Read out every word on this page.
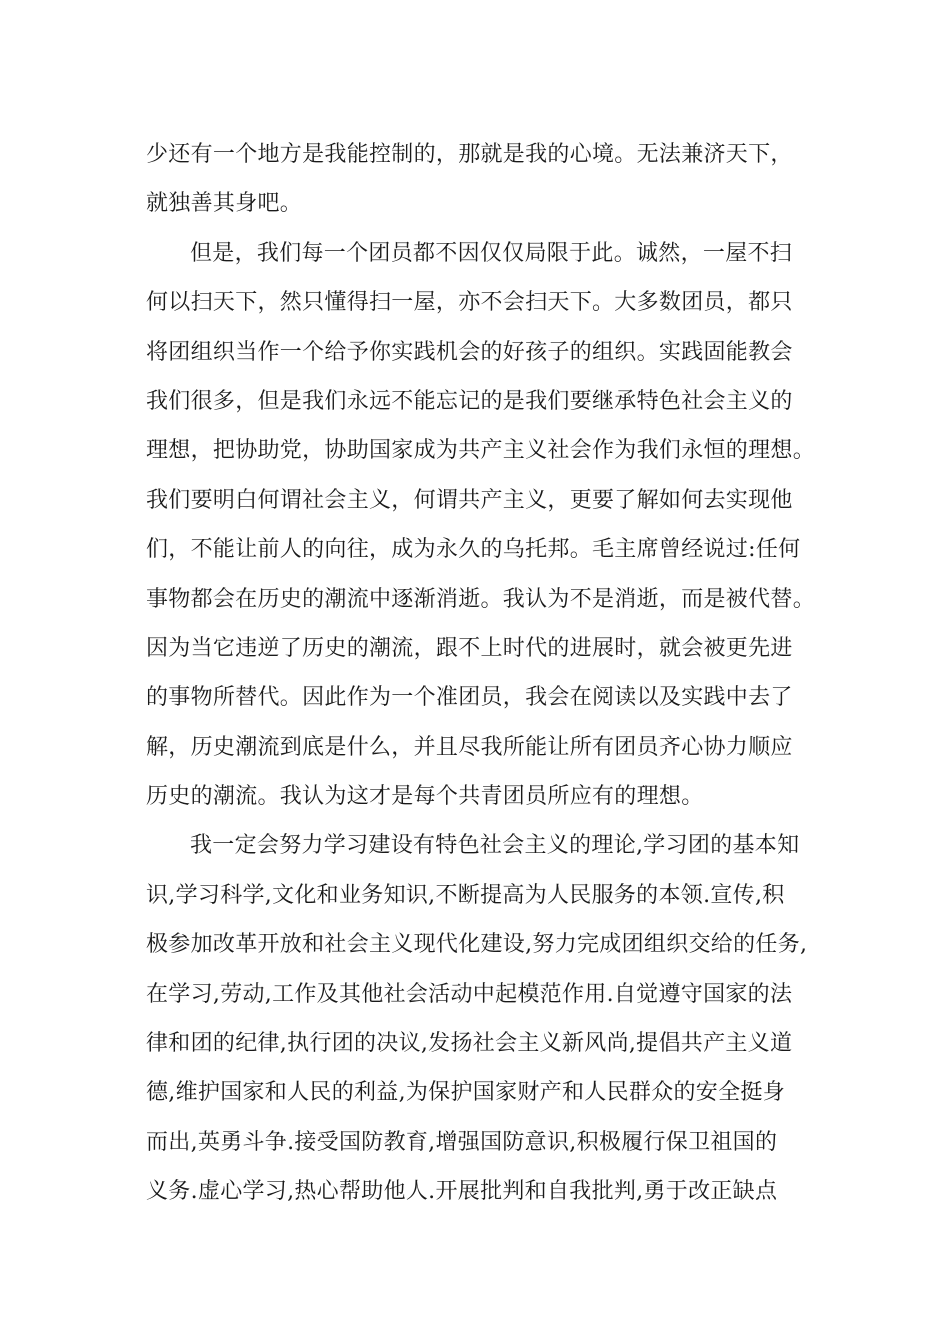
少还有一个地方是我能控制的，那就是我的心境。无法兼济天下，
就独善其身吧。
但是，我们每一个团员都不因仅仅局限于此。诚然，一屋不扫
何以扫天下，然只懂得扫一屋，亦不会扫天下。大多数团员，都只
将团组织当作一个给予你实践机会的好孩子的组织。实践固能教会
我们很多，但是我们永远不能忘记的是我们要继承特色社会主义的
理想，把协助党，协助国家成为共产主义社会作为我们永恒的理想。
我们要明白何谓社会主义，何谓共产主义，更要了解如何去实现他
们，不能让前人的向往，成为永久的乌托邦。毛主席曾经说过:任何
事物都会在历史的潮流中逐渐消逝。我认为不是消逝，而是被代替。
因为当它违逆了历史的潮流，跟不上时代的进展时，就会被更先进
的事物所替代。因此作为一个准团员，我会在阅读以及实践中去了
解，历史潮流到底是什么，并且尽我所能让所有团员齐心协力顺应
历史的潮流。我认为这才是每个共青团员所应有的理想。
我一定会努力学习建设有特色社会主义的理论,学习团的基本知
识,学习科学,文化和业务知识,不断提高为人民服务的本领.宣传,积
极参加改革开放和社会主义现代化建设,努力完成团组织交给的任务,
在学习,劳动,工作及其他社会活动中起模范作用.自觉遵守国家的法
律和团的纪律,执行团的决议,发扬社会主义新风尚,提倡共产主义道
德,维护国家和人民的利益,为保护国家财产和人民群众的安全挺身
而出,英勇斗争.接受国防教育,增强国防意识,积极履行保卫祖国的
义务.虚心学习,热心帮助他人.开展批判和自我批判,勇于改正缺点
